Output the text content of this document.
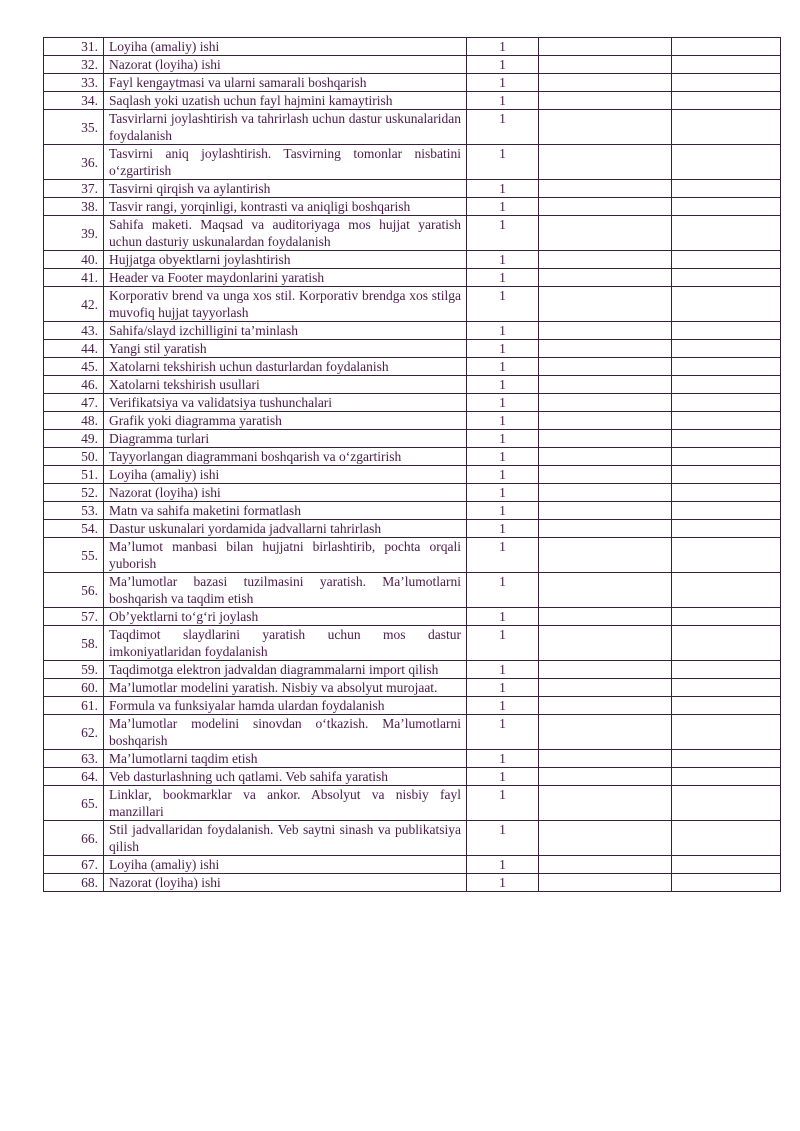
31.	Loyiha (amaliy) ishi	1		
32.	Nazorat (loyiha) ishi	1		
33.	Fayl kengaytmasi va ularni samarali boshqarish	1		
34.	Saqlash yoki uzatish uchun fayl hajmini kamaytirish	1		
35.	Tasvirlarni joylashtirish va tahrirlash uchun dastur uskunalaridan foydalanish	1		
36.	Tasvirni aniq joylashtirish. Tasvirning tomonlar nisbatini oʻzgartirish	1		
37.	Tasvirni qirqish va aylantirish	1		
38.	Tasvir rangi, yorqinligi, kontrasti va aniqligi boshqarish	1		
39.	Sahifa maketi. Maqsad va auditoriyaga mos hujjat yaratish uchun dasturiy uskunalardan foydalanish	1		
40.	Hujjatga obyektlarni joylashtirish	1		
41.	Header va Footer maydonlarini yaratish	1		
42.	Korporativ brend va unga xos stil. Korporativ brendga xos stilga muvofiq hujjat tayyorlash	1		
43.	Sahifa/slayd izchilligini ta’minlash	1		
44.	Yangi stil yaratish	1		
45.	Xatolarni tekshirish uchun dasturlardan foydalanish	1		
46.	Xatolarni tekshirish usullari	1		
47.	Verifikatsiya va validatsiya tushunchalari	1		
48.	Grafik yoki diagramma yaratish	1		
49.	Diagramma turlari	1		
50.	Tayyorlangan diagrammani boshqarish va oʻzgartirish	1		
51.	Loyiha (amaliy) ishi	1		
52.	Nazorat (loyiha) ishi	1		
53.	Matn va sahifa maketini formatlash	1		
54.	Dastur uskunalari yordamida jadvallarni tahrirlash	1		
55.	Ma’lumot manbasi bilan hujjatni birlashtirib, pochta orqali yuborish	1		
56.	Ma’lumotlar bazasi tuzilmasini yaratish. Ma’lumotlarni boshqarish va taqdim etish	1		
57.	Obʼyektlarni toʻgʻri joylash	1		
58.	Taqdimot slaydlarini yaratish uchun mos dastur imkoniyatlaridan foydalanish	1		
59.	Taqdimotga elektron jadvaldan diagrammalarni import qilish	1		
60.	Ma’lumotlar modelini yaratish. Nisbiy va absolyut murojaat.	1		
61.	Formula va funksiyalar hamda ulardan foydalanish	1		
62.	Ma’lumotlar modelini sinovdan oʻtkazish. Ma’lumotlarni boshqarish	1		
63.	Ma’lumotlarni taqdim etish	1		
64.	Veb dasturlashning uch qatlami. Veb sahifa yaratish	1		
65.	Linklar, bookmarklar va ankor. Absolyut va nisbiy fayl manzillari	1		
66.	Stil jadvallaridan foydalanish. Veb saytni sinash va publikatsiya qilish	1		
67.	Loyiha (amaliy) ishi	1		
68.	Nazorat (loyiha) ishi	1		
